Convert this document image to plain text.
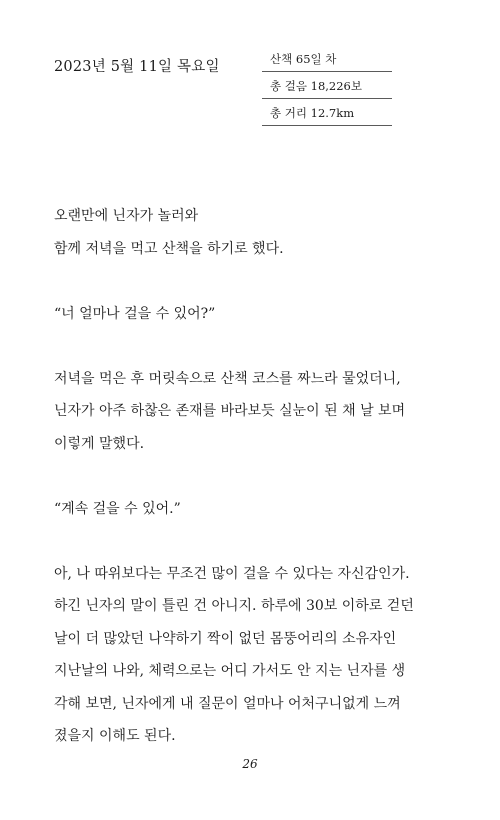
2023년 5월 11일 목요일	산책 65일 차
총 걸음 18,226보
총 거리 12.7km

오랜만에 닌자가 놀러와
함께 저녁을 먹고 산책을 하기로 했다.

“너 얼마나 걸을 수 있어?”

저녁을 먹은 후 머릿속으로 산책 코스를 짜느라 물었더니,
닌자가 아주 하찮은 존재를 바라보듯 실눈이 된 채 날 보며
이렇게 말했다.

“계속 걸을 수 있어.”

아, 나 따위보다는 무조건 많이 걸을 수 있다는 자신감인가.
하긴 닌자의 말이 틀린 건 아니지. 하루에 30보 이하로 걷던
날이 더 많았던 나약하기 짝이 없던 몸뚱어리의 소유자인
지난날의 나와, 체력으로는 어디 가서도 안 지는 닌자를 생
각해 보면, 닌자에게 내 질문이 얼마나 어처구니없게 느껴
졌을지 이해도 된다.

26
